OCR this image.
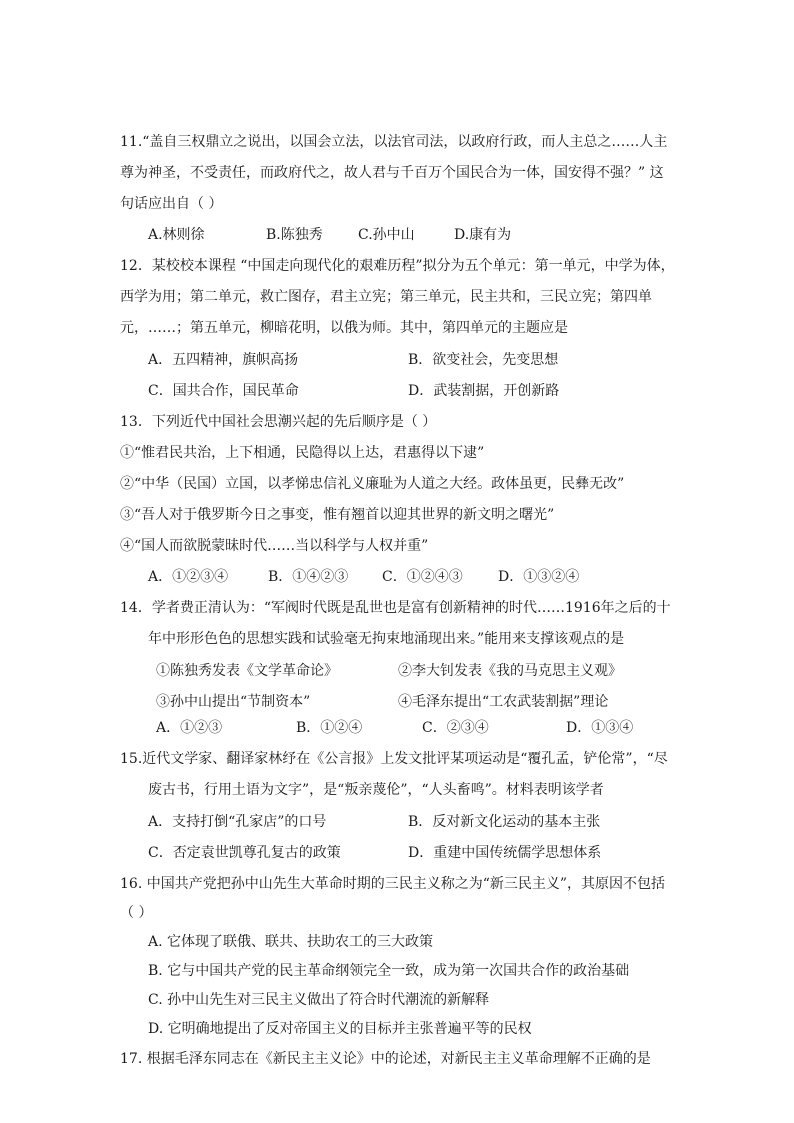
11.“盖自三权鼎立之说出，以国会立法，以法官司法，以政府行政，而人主总之……人主
尊为神圣，不受责任，而政府代之，故人君与千百万个国民合为一体，国安得不强？” 这
句话应出自（ ）
A.林则徐	B.陈独秀	C.孙中山	D.康有为
12．某校校本课程 “中国走向现代化的艰难历程”拟分为五个单元：第一单元，中学为体，
西学为用；第二单元，救亡图存，君主立宪；第三单元，民主共和，三民立宪；第四单
元，……；第五单元，柳暗花明，以俄为师。其中，第四单元的主题应是
A．五四精神，旗帜高扬	B．欲变社会，先变思想
C．国共合作，国民革命	D．武装割据，开创新路
13．下列近代中国社会思潮兴起的先后顺序是（ ）
①“惟君民共治，上下相通，民隐得以上达，君惠得以下逮”
②“中华（民国）立国，以孝悌忠信礼义廉耻为人道之大经。政体虽更，民彝无改”
③“吾人对于俄罗斯今日之事变，惟有翘首以迎其世界的新文明之曙光”
④“国人而欲脱蒙昧时代……当以科学与人权并重”
A．①②③④	B．①④②③ C．①②④③	D．①③②④
14．学者费正清认为：“军阀时代既是乱世也是富有创新精神的时代……1916年之后的十
年中形形色色的思想实践和试验毫无拘束地涌现出来。”能用来支撑该观点的是
①陈独秀发表《文学革命论》	②李大钊发表《我的马克思主义观》
③孙中山提出“节制资本”	④毛泽东提出“工农武装割据”理论
A．①②③	B．①②④	C．②③④	D．①③④
15.近代文学家、翻译家林纾在《公言报》上发文批评某项运动是“覆孔孟，铲伦常”，“尽
废古书，行用土语为文字”，是“叛亲蔑伦”，“人头畜鸣”。材料表明该学者
A．支持打倒“孔家店”的口号	B．反对新文化运动的基本主张
C．否定袁世凯尊孔复古的政策	D．重建中国传统儒学思想体系
16. 中国共产党把孙中山先生大革命时期的三民主义称之为“新三民主义”，其原因不包括
（ ）
A. 它体现了联俄、联共、扶助农工的三大政策
B. 它与中国共产党的民主革命纲领完全一致，成为第一次国共合作的政治基础
C. 孙中山先生对三民主义做出了符合时代潮流的新解释
D. 它明确地提出了反对帝国主义的目标并主张普遍平等的民权
17. 根据毛泽东同志在《新民主主义论》中的论述，对新民主主义革命理解不正确的是
